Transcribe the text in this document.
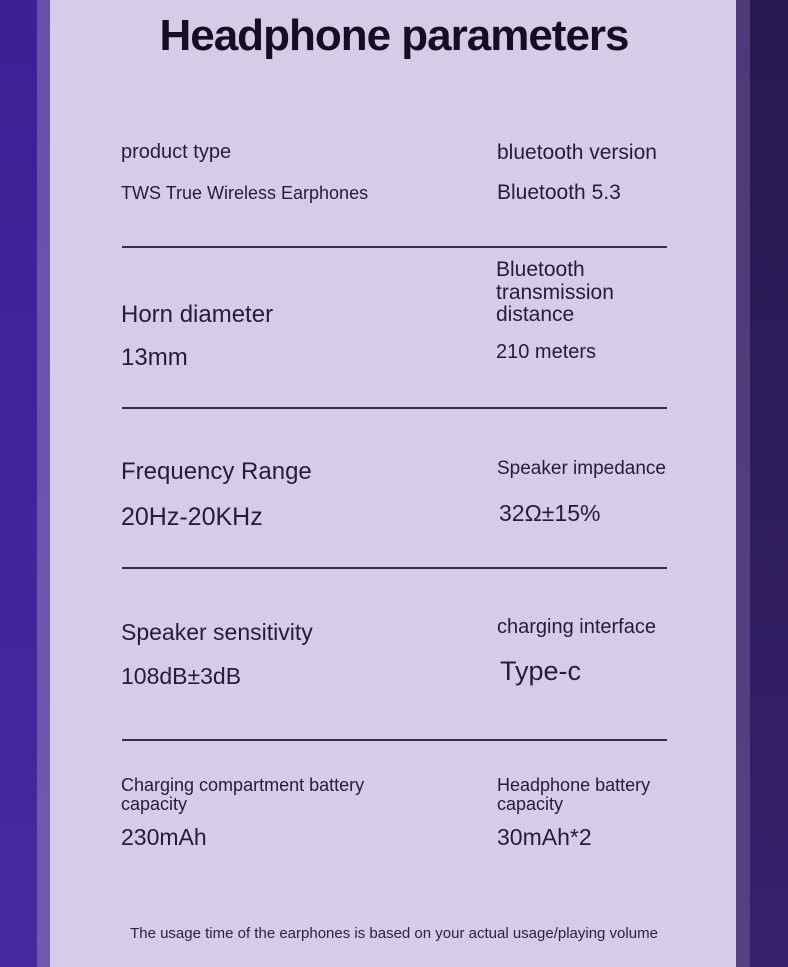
Headphone parameters
product type
TWS True Wireless Earphones
bluetooth version
Bluetooth 5.3
Horn diameter
13mm
Bluetooth transmission distance
210 meters
Frequency Range
20Hz-20KHz
Speaker impedance
32Ω±15%
Speaker sensitivity
108dB±3dB
charging interface
Type-c
Charging compartment battery capacity
230mAh
Headphone battery capacity
30mAh*2
The usage time of the earphones is based on your actual usage/playing volume
